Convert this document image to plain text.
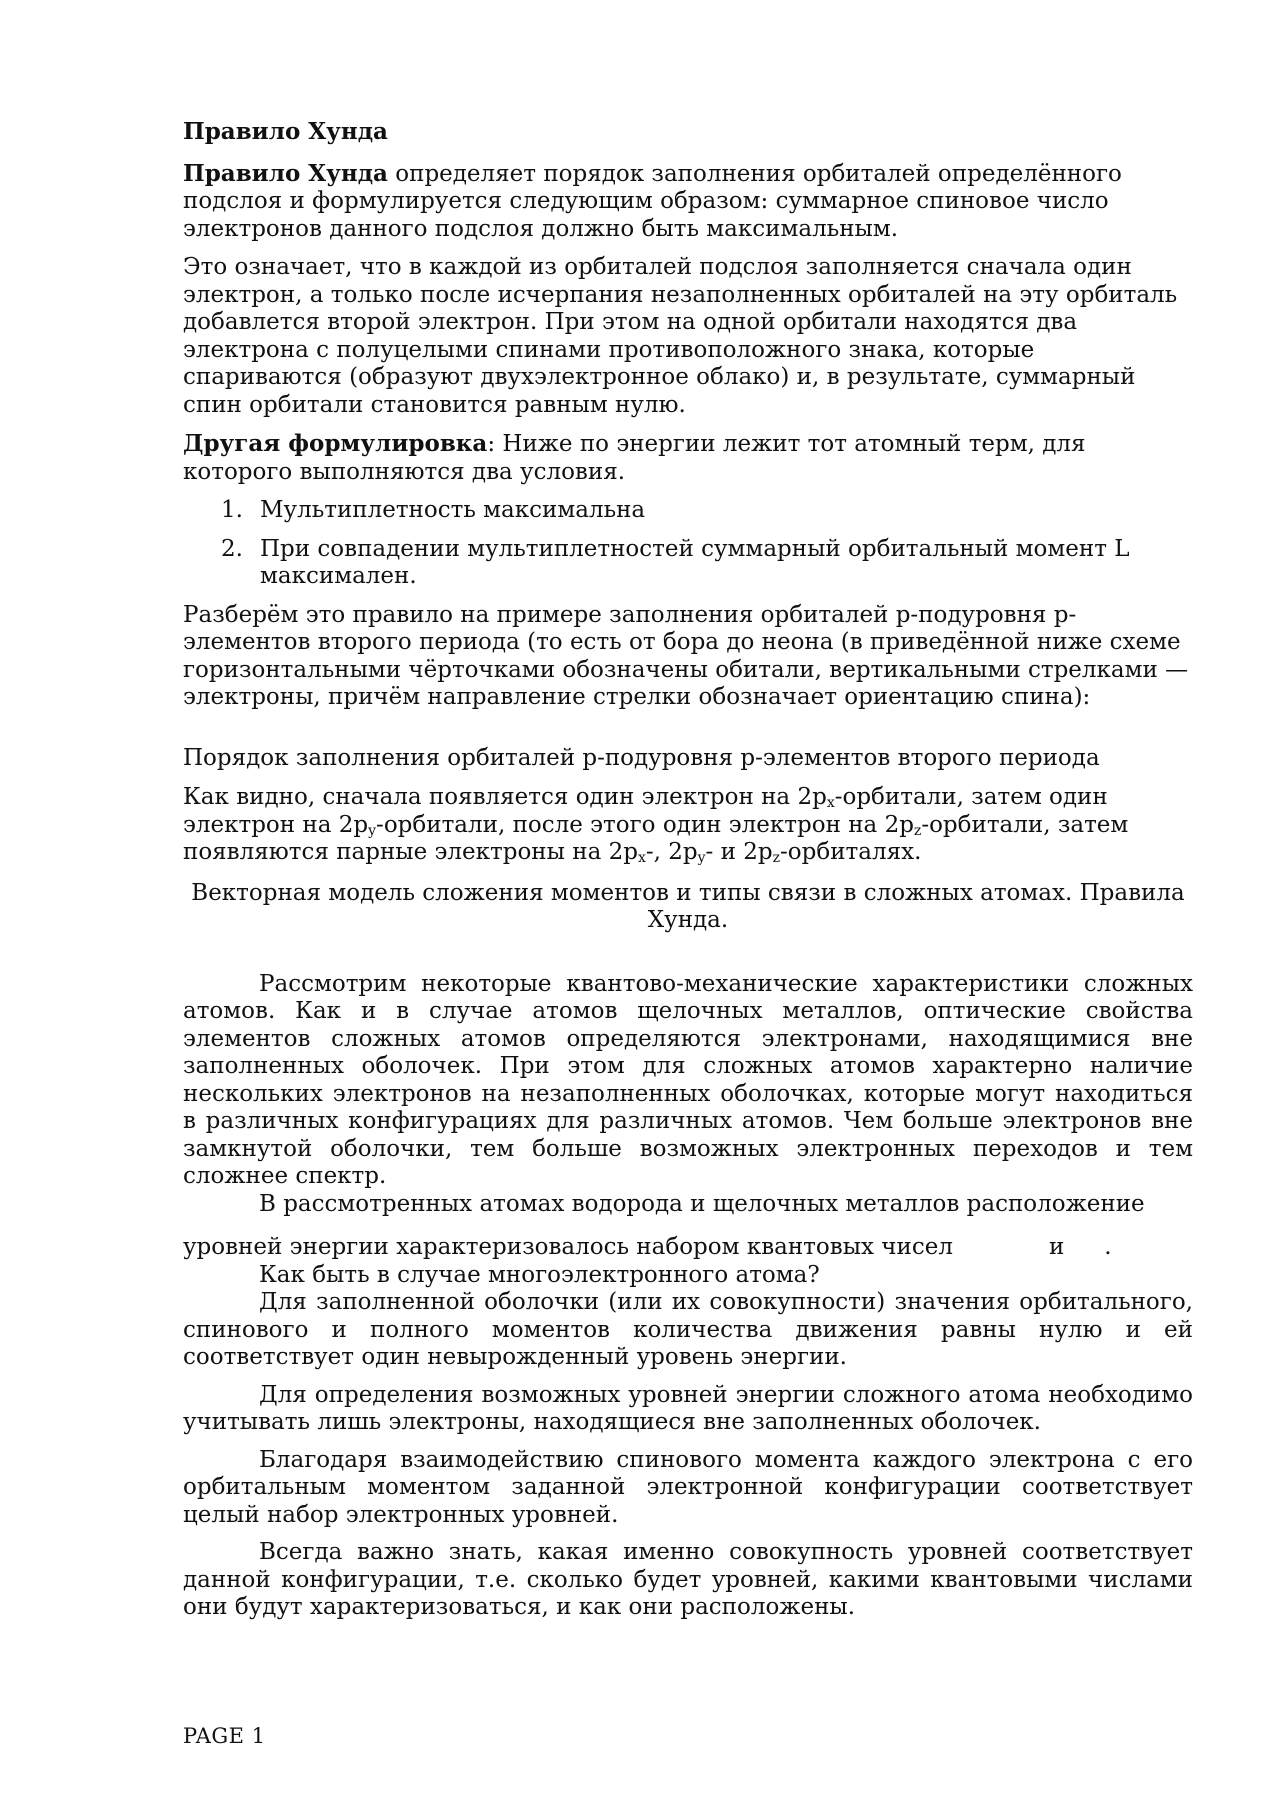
Правило Хунда

Правило Хунда определяет порядок заполнения орбиталей определённого подслоя и формулируется следующим образом: суммарное спиновое число электронов данного подслоя должно быть максимальным.

Это означает, что в каждой из орбиталей подслоя заполняется сначала один электрон, а только после исчерпания незаполненных орбиталей на эту орбиталь добавлется второй электрон. При этом на одной орбитали находятся два электрона с полуцелыми спинами противоположного знака, которые спариваются (образуют двухэлектронное облако) и, в результате, суммарный спин орбитали становится равным нулю.

Другая формулировка: Ниже по энергии лежит тот атомный терм, для которого выполняются два условия.

1. Мультиплетность максимальна
2. При совпадении мультиплетностей суммарный орбитальный момент L максимален.

Разберём это правило на примере заполнения орбиталей p-подуровня p-элементов второго периода (то есть от бора до неона (в приведённой ниже схеме горизонтальными чёрточками обозначены обитали, вертикальными стрелками — электроны, причём направление стрелки обозначает ориентацию спина):

Порядок заполнения орбиталей p-подуровня p-элементов второго периода

Как видно, сначала появляется один электрон на $2p_x$-орбитали, затем один электрон на $2p_y$-орбитали, после этого один электрон на $2p_z$-орбитали, затем появляются парные электроны на $2p_x-$, $2p_y-$ и $2p_z$-орбиталях.

Векторная модель сложения моментов и типы связи в сложных атомах. Правила Хунда.

Рассмотрим некоторые квантово-механические характеристики сложных атомов. Как и в случае атомов щелочных металлов, оптические свойства элементов сложных атомов определяются электронами, находящимися вне заполненных оболочек. При этом для сложных атомов характерно наличие нескольких электронов на незаполненных оболочках, которые могут находиться в различных конфигурациях для различных атомов. Чем больше электронов вне замкнутой оболочки, тем больше возможных электронных переходов и тем сложнее спектр.

В рассмотренных атомах водорода и щелочных металлов расположение

уровней энергии характеризовалось набором квантовых чисел	и .

Как быть в случае многоэлектронного атома?

Для заполненной оболочки (или их совокупности) значения орбитального, спинового и полного моментов количества движения равны нулю и ей соответствует один невырожденный уровень энергии.

Для определения возможных уровней энергии сложного атома необходимо учитывать лишь электроны, находящиеся вне заполненных оболочек.

Благодаря взаимодействию спинового момента каждого электрона с его орбитальным моментом заданной электронной конфигурации соответствует целый набор электронных уровней.

Всегда важно знать, какая именно совокупность уровней соответствует данной конфигурации, т.е. сколько будет уровней, какими квантовыми числами они будут характеризоваться, и как они расположены.

PAGE 1
